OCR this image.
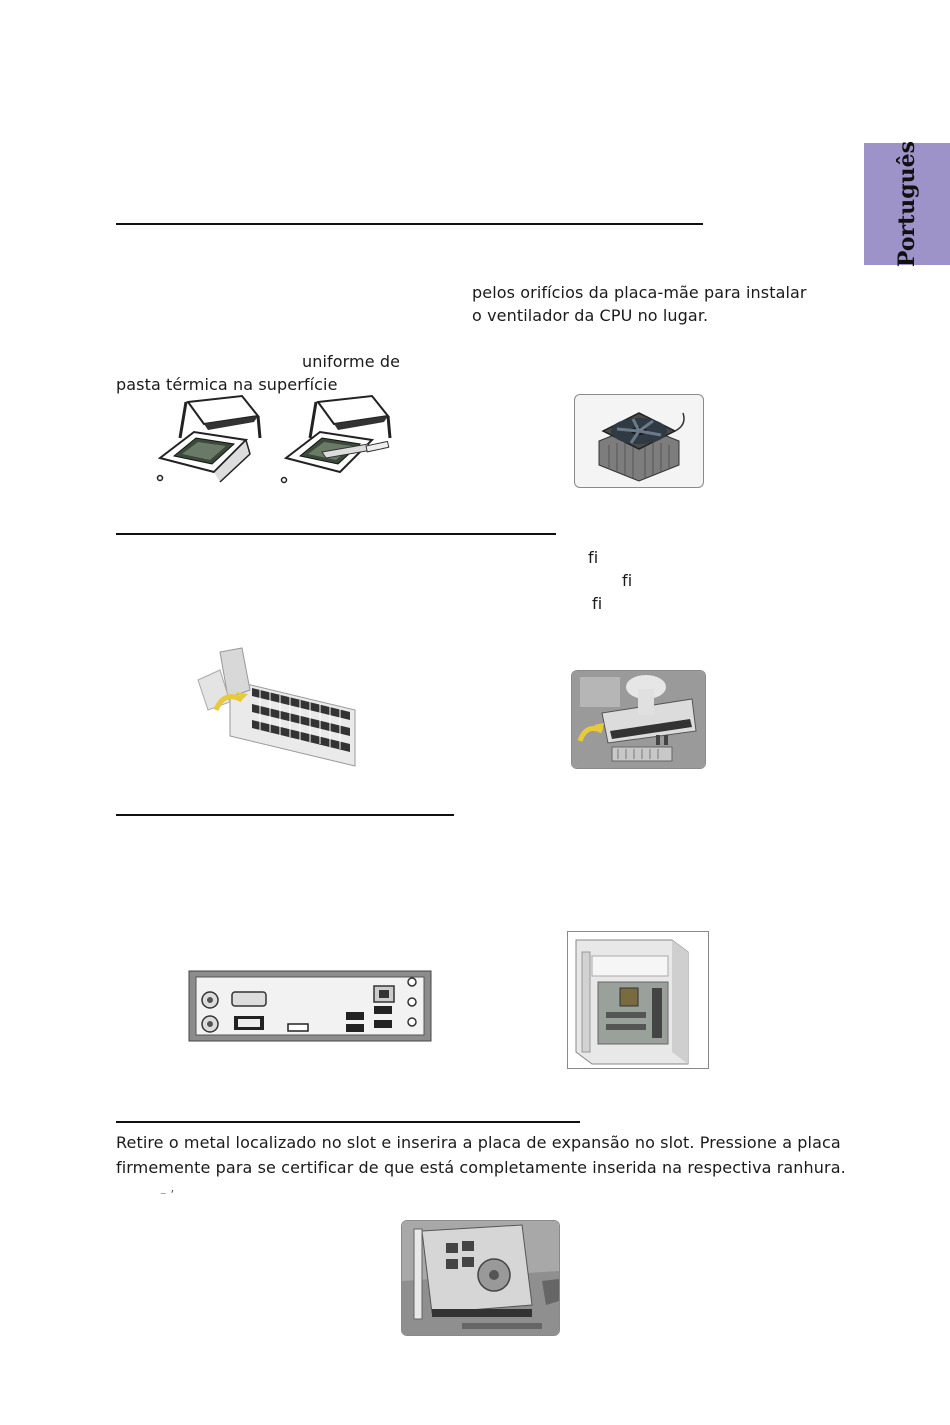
Português
pelos orifícios da placa-mãe para instalar
o ventilador da CPU no lugar.
uniforme de
pasta térmica na superfície
fi
fi
fi
Retire o metal localizado no slot e inserira a placa de expansão no slot. Pressione a placa
firmemente para se certificar de que está completamente inserida na respectiva ranhura.
⁻ ’
